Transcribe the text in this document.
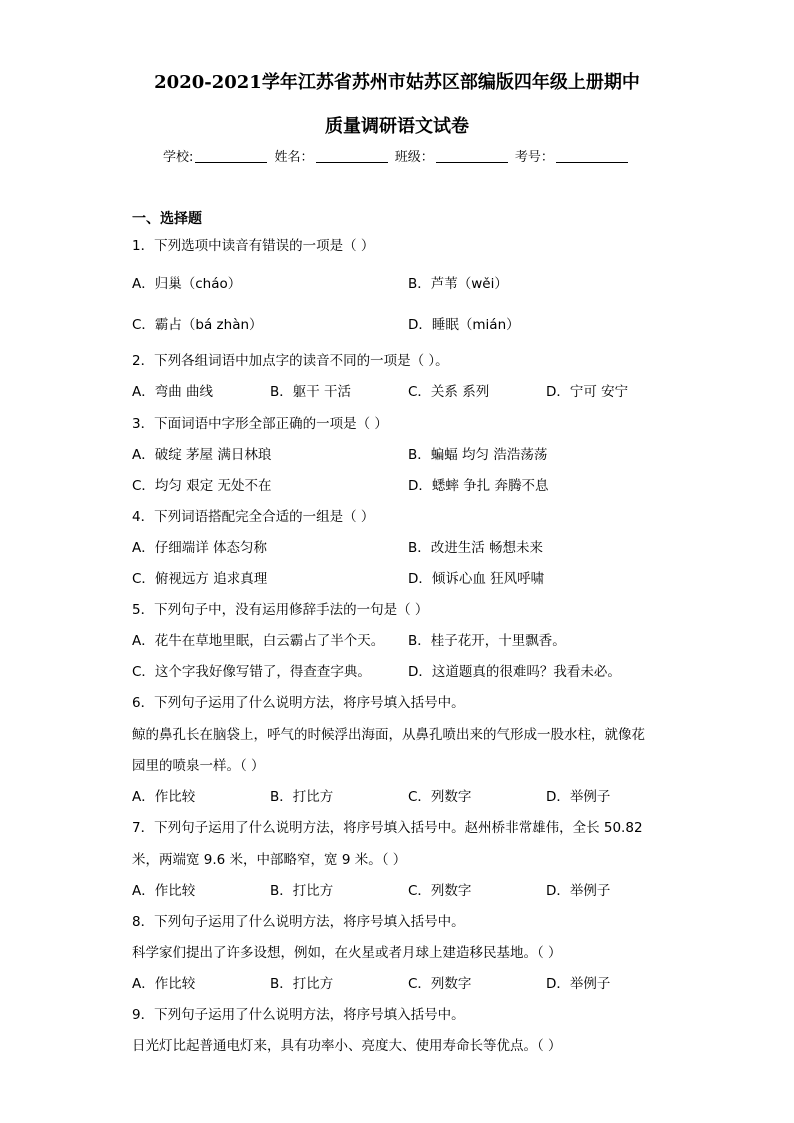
2020-2021学年江苏省苏州市姑苏区部编版四年级上册期中
质量调研语文试卷
学校:	姓名：	班级：	考号：
一、选择题
1．下列选项中读音有错误的一项是（ ）
A．归巢（cháo）	B．芦苇（wěi）
C．霸占（bá zhàn）	D．睡眠（mián）
2．下列各组词语中加点字的读音不同的一项是（ ）。
A．弯曲 曲线	B．躯干 干活	C．关系 系列	D．宁可 安宁
3．下面词语中字形全部正确的一项是（ ）
A．破绽 茅屋 满日林琅	B．蝙蝠 均匀 浩浩荡荡
C．均匀 艰定 无处不在	D．蟋蟀 争扎 奔腾不息
4．下列词语搭配完全合适的一组是（ ）
A．仔细端详 体态匀称	B．改进生活 畅想未来
C．俯视远方 追求真理	D．倾诉心血 狂风呼啸
5．下列句子中，没有运用修辞手法的一句是（ ）
A．花牛在草地里眠，白云霸占了半个天。 B．桂子花开，十里飘香。
C．这个字我好像写错了，得查查字典。	D．这道题真的很难吗？我看未必。
6．下列句子运用了什么说明方法，将序号填入括号中。
鲸的鼻孔长在脑袋上，呼气的时候浮出海面，从鼻孔喷出来的气形成一股水柱，就像花
园里的喷泉一样。（ ）
A．作比较	B．打比方	C．列数字	D．举例子
7．下列句子运用了什么说明方法，将序号填入括号中。赵州桥非常雄伟，全长 50.82
米，两端宽 9.6 米，中部略窄，宽 9 米。（ ）
A．作比较	B．打比方	C．列数字	D．举例子
8．下列句子运用了什么说明方法，将序号填入括号中。
科学家们提出了许多设想，例如，在火星或者月球上建造移民基地。（ ）
A．作比较	B．打比方	C．列数字	D．举例子
9．下列句子运用了什么说明方法，将序号填入括号中。
日光灯比起普通电灯来，具有功率小、亮度大、使用寿命长等优点。（ ）
